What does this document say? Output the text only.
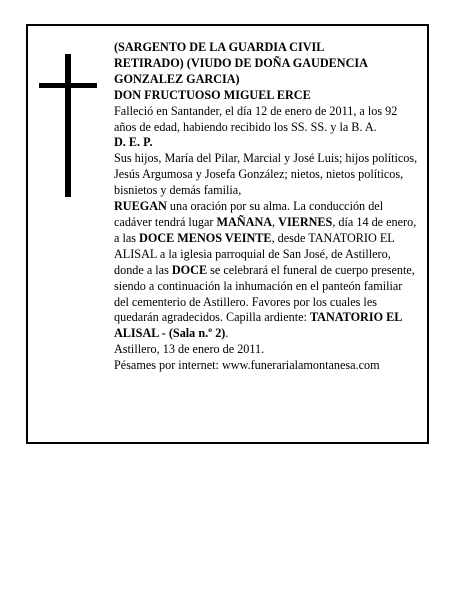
(SARGENTO DE LA GUARDIA CIVIL
RETIRADO) (VIUDO DE DOÑA GAUDENCIA
GONZALEZ GARCIA)

DON FRUCTUOSO MIGUEL ERCE

Falleció en Santander, el día 12 de enero de 2011, a los 92 años de edad, habiendo recibido los SS. SS. y la B. A.

D. E. P.

Sus hijos, María del Pilar, Marcial y José Luis; hijos políticos, Jesús Argumosa y Josefa González; nietos, nietos políticos, bisnietos y demás familia,

RUEGAN una oración por su alma. La conducción del cadáver tendrá lugar MAÑANA, VIERNES, día 14 de enero, a las DOCE MENOS VEINTE, desde TANATORIO EL ALISAL a la iglesia parroquial de San José, de Astillero, donde a las DOCE se celebrará el funeral de cuerpo presente, siendo a continuación la inhumación en el panteón familiar del cementerio de Astillero. Favores por los cuales les quedarán agradecidos. Capilla ardiente: TANATORIO EL ALISAL - (Sala n.º 2).

Astillero, 13 de enero de 2011.

Pésames por internet: www.funerarialamontanesa.com
